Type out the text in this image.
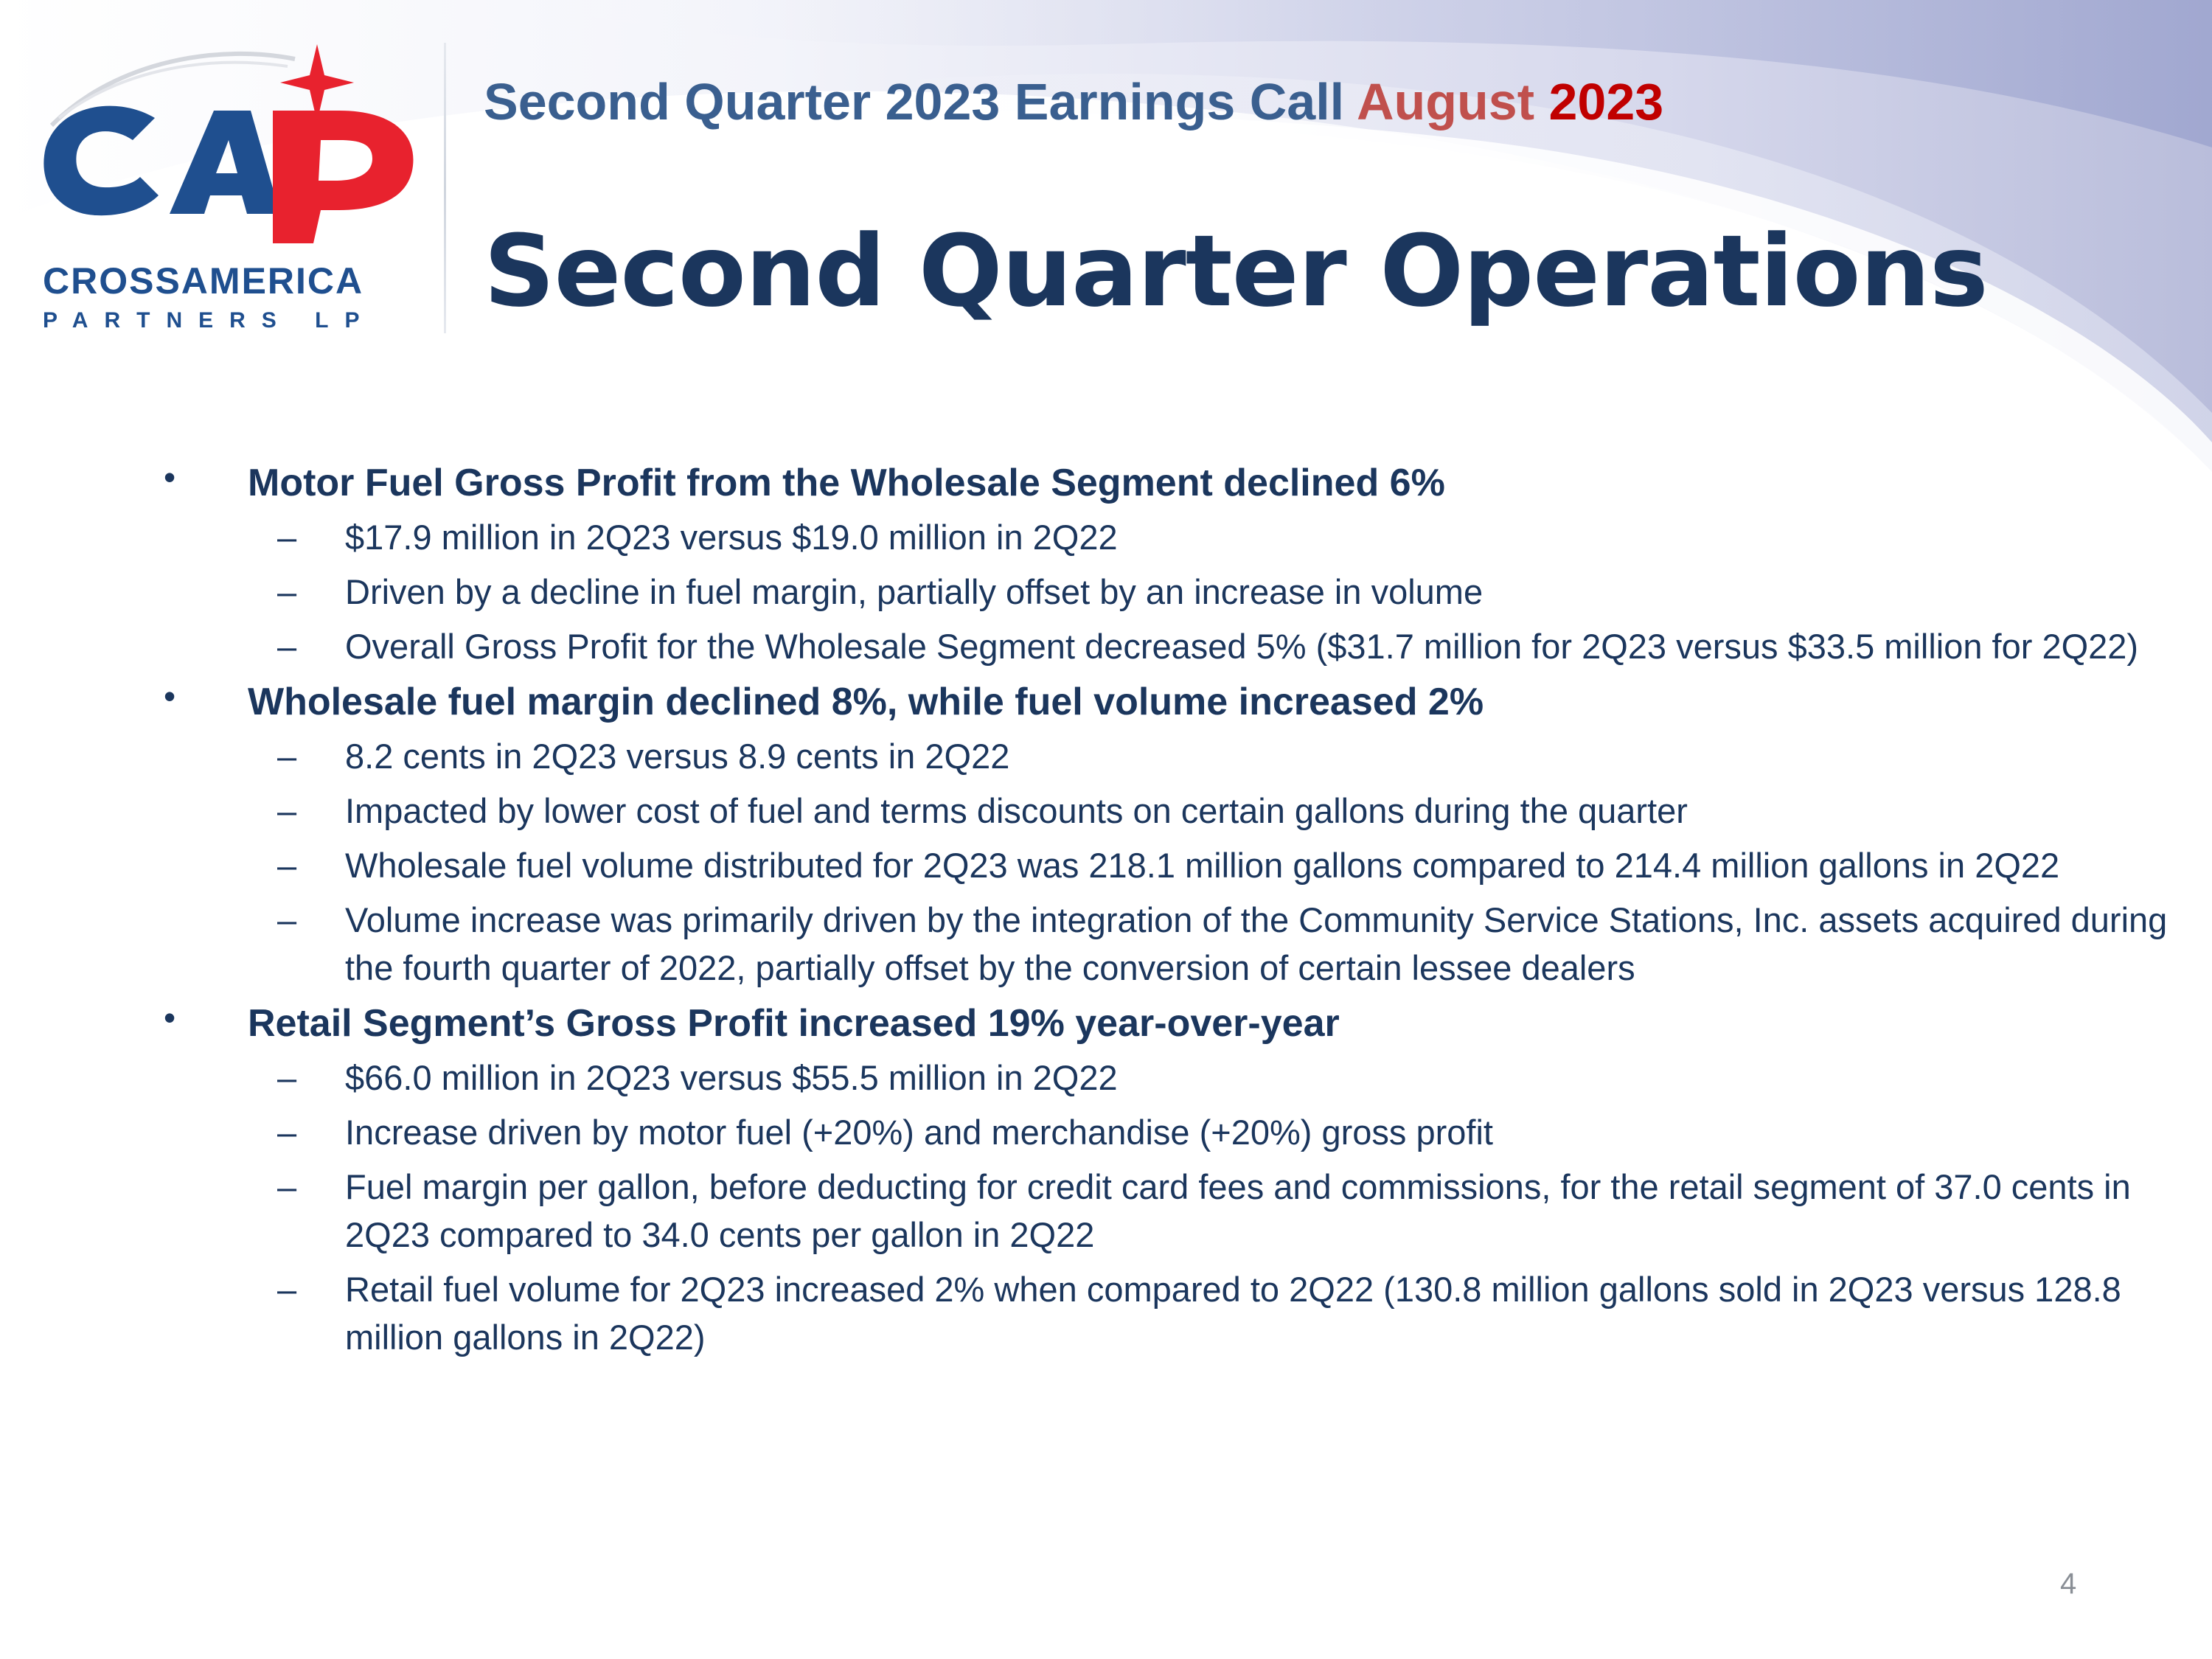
CROSSAMERICA
PARTNERS LP
Second Quarter 2023 Earnings Call August 2023
Second Quarter Operations
• Motor Fuel Gross Profit from the Wholesale Segment declined 6%
– $17.9 million in 2Q23 versus $19.0 million in 2Q22
– Driven by a decline in fuel margin, partially offset by an increase in volume
– Overall Gross Profit for the Wholesale Segment decreased 5% ($31.7 million for 2Q23 versus $33.5 million for 2Q22)
• Wholesale fuel margin declined 8%, while fuel volume increased 2%
– 8.2 cents in 2Q23 versus 8.9 cents in 2Q22
– Impacted by lower cost of fuel and terms discounts on certain gallons during the quarter
– Wholesale fuel volume distributed for 2Q23 was 218.1 million gallons compared to 214.4 million gallons in 2Q22
– Volume increase was primarily driven by the integration of the Community Service Stations, Inc. assets acquired during the fourth quarter of 2022, partially offset by the conversion of certain lessee dealers
• Retail Segment’s Gross Profit increased 19% year-over-year
– $66.0 million in 2Q23 versus $55.5 million in 2Q22
– Increase driven by motor fuel (+20%) and merchandise (+20%) gross profit
– Fuel margin per gallon, before deducting for credit card fees and commissions, for the retail segment of 37.0 cents in 2Q23 compared to 34.0 cents per gallon in 2Q22
– Retail fuel volume for 2Q23 increased 2% when compared to 2Q22 (130.8 million gallons sold in 2Q23 versus 128.8 million gallons in 2Q22)
4
